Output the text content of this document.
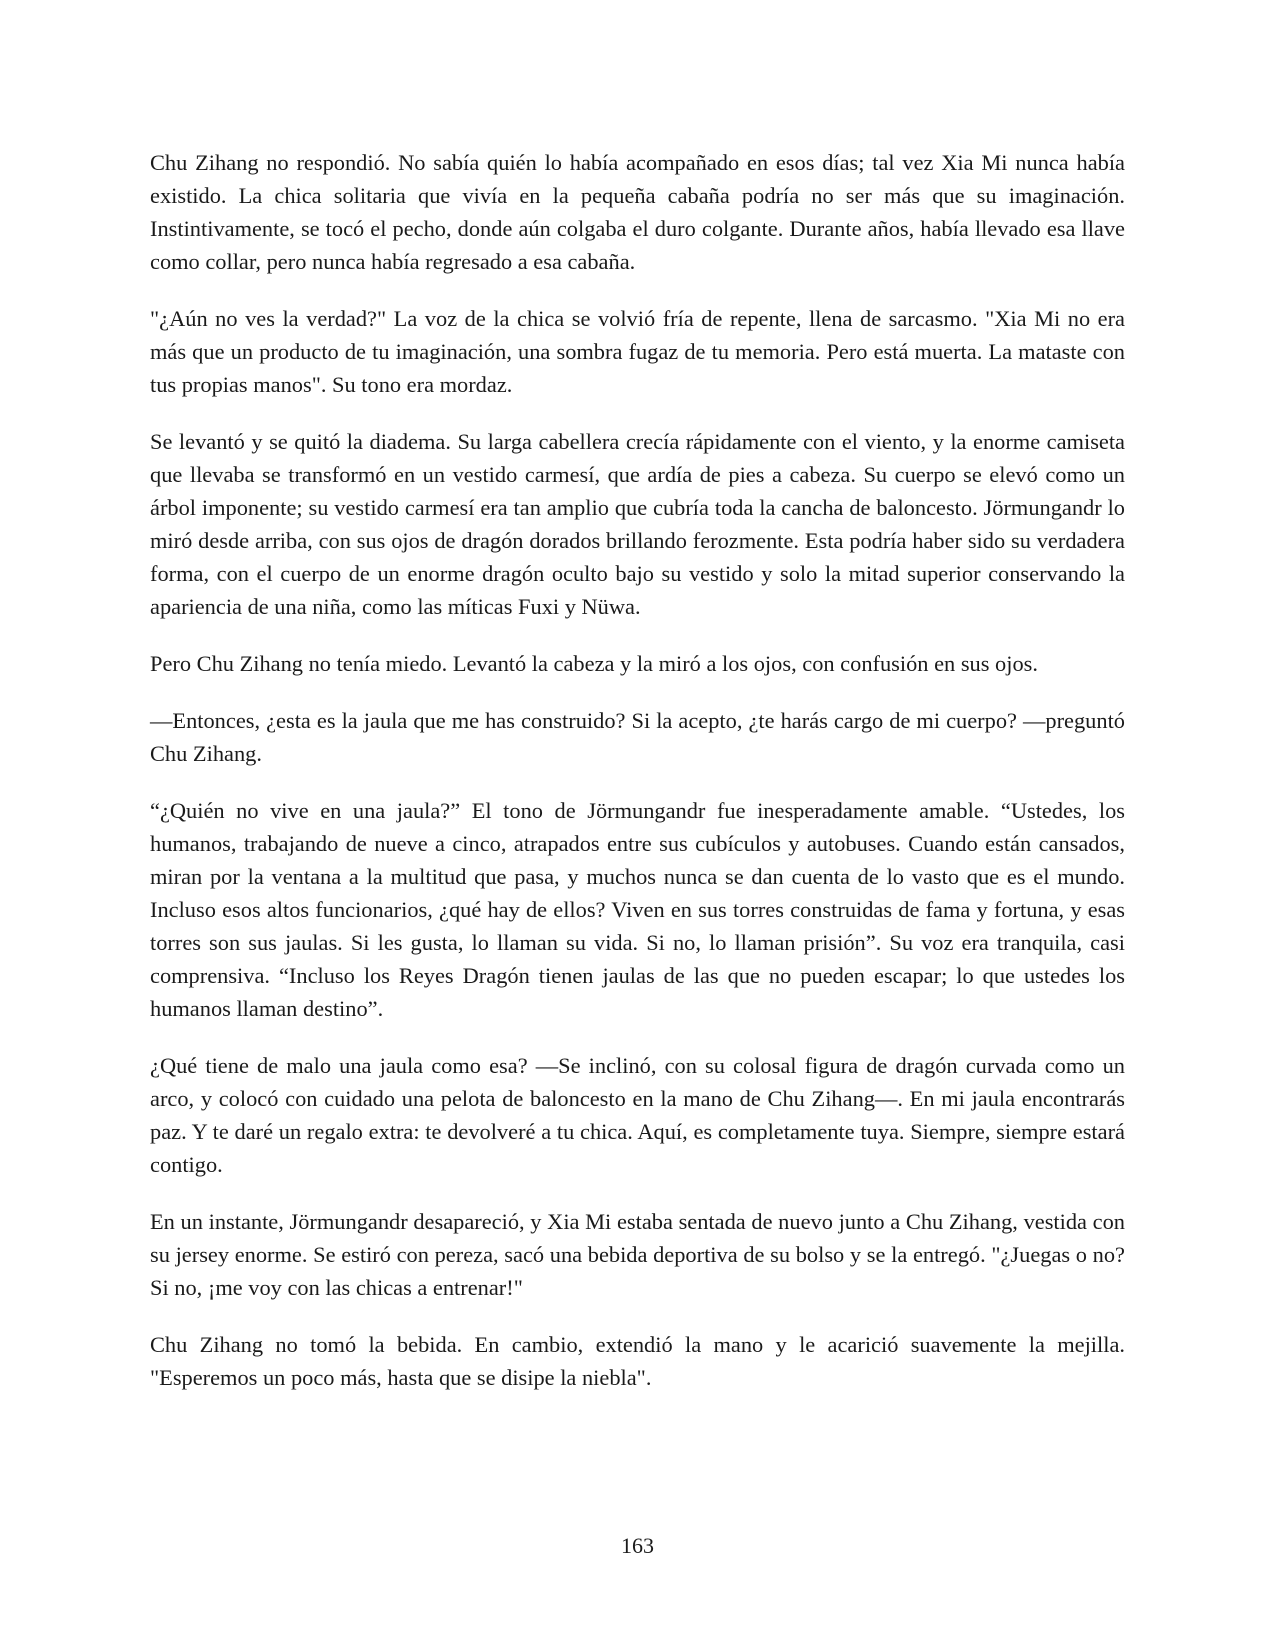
Chu Zihang no respondió. No sabía quién lo había acompañado en esos días; tal vez Xia Mi nunca había existido. La chica solitaria que vivía en la pequeña cabaña podría no ser más que su imaginación. Instintivamente, se tocó el pecho, donde aún colgaba el duro colgante. Durante años, había llevado esa llave como collar, pero nunca había regresado a esa cabaña.

"¿Aún no ves la verdad?" La voz de la chica se volvió fría de repente, llena de sarcasmo. "Xia Mi no era más que un producto de tu imaginación, una sombra fugaz de tu memoria. Pero está muerta. La mataste con tus propias manos". Su tono era mordaz.

Se levantó y se quitó la diadema. Su larga cabellera crecía rápidamente con el viento, y la enorme camiseta que llevaba se transformó en un vestido carmesí, que ardía de pies a cabeza. Su cuerpo se elevó como un árbol imponente; su vestido carmesí era tan amplio que cubría toda la cancha de baloncesto. Jörmungandr lo miró desde arriba, con sus ojos de dragón dorados brillando ferozmente. Esta podría haber sido su verdadera forma, con el cuerpo de un enorme dragón oculto bajo su vestido y solo la mitad superior conservando la apariencia de una niña, como las míticas Fuxi y Nüwa.

Pero Chu Zihang no tenía miedo. Levantó la cabeza y la miró a los ojos, con confusión en sus ojos.

—Entonces, ¿esta es la jaula que me has construido? Si la acepto, ¿te harás cargo de mi cuerpo? —preguntó Chu Zihang.

“¿Quién no vive en una jaula?” El tono de Jörmungandr fue inesperadamente amable. “Ustedes, los humanos, trabajando de nueve a cinco, atrapados entre sus cubículos y autobuses. Cuando están cansados, miran por la ventana a la multitud que pasa, y muchos nunca se dan cuenta de lo vasto que es el mundo. Incluso esos altos funcionarios, ¿qué hay de ellos? Viven en sus torres construidas de fama y fortuna, y esas torres son sus jaulas. Si les gusta, lo llaman su vida. Si no, lo llaman prisión”. Su voz era tranquila, casi comprensiva. “Incluso los Reyes Dragón tienen jaulas de las que no pueden escapar; lo que ustedes los humanos llaman destino”.

¿Qué tiene de malo una jaula como esa? —Se inclinó, con su colosal figura de dragón curvada como un arco, y colocó con cuidado una pelota de baloncesto en la mano de Chu Zihang—. En mi jaula encontrarás paz. Y te daré un regalo extra: te devolveré a tu chica. Aquí, es completamente tuya. Siempre, siempre estará contigo.

En un instante, Jörmungandr desapareció, y Xia Mi estaba sentada de nuevo junto a Chu Zihang, vestida con su jersey enorme. Se estiró con pereza, sacó una bebida deportiva de su bolso y se la entregó. "¿Juegas o no? Si no, ¡me voy con las chicas a entrenar!"

Chu Zihang no tomó la bebida. En cambio, extendió la mano y le acarició suavemente la mejilla. "Esperemos un poco más, hasta que se disipe la niebla".

163
